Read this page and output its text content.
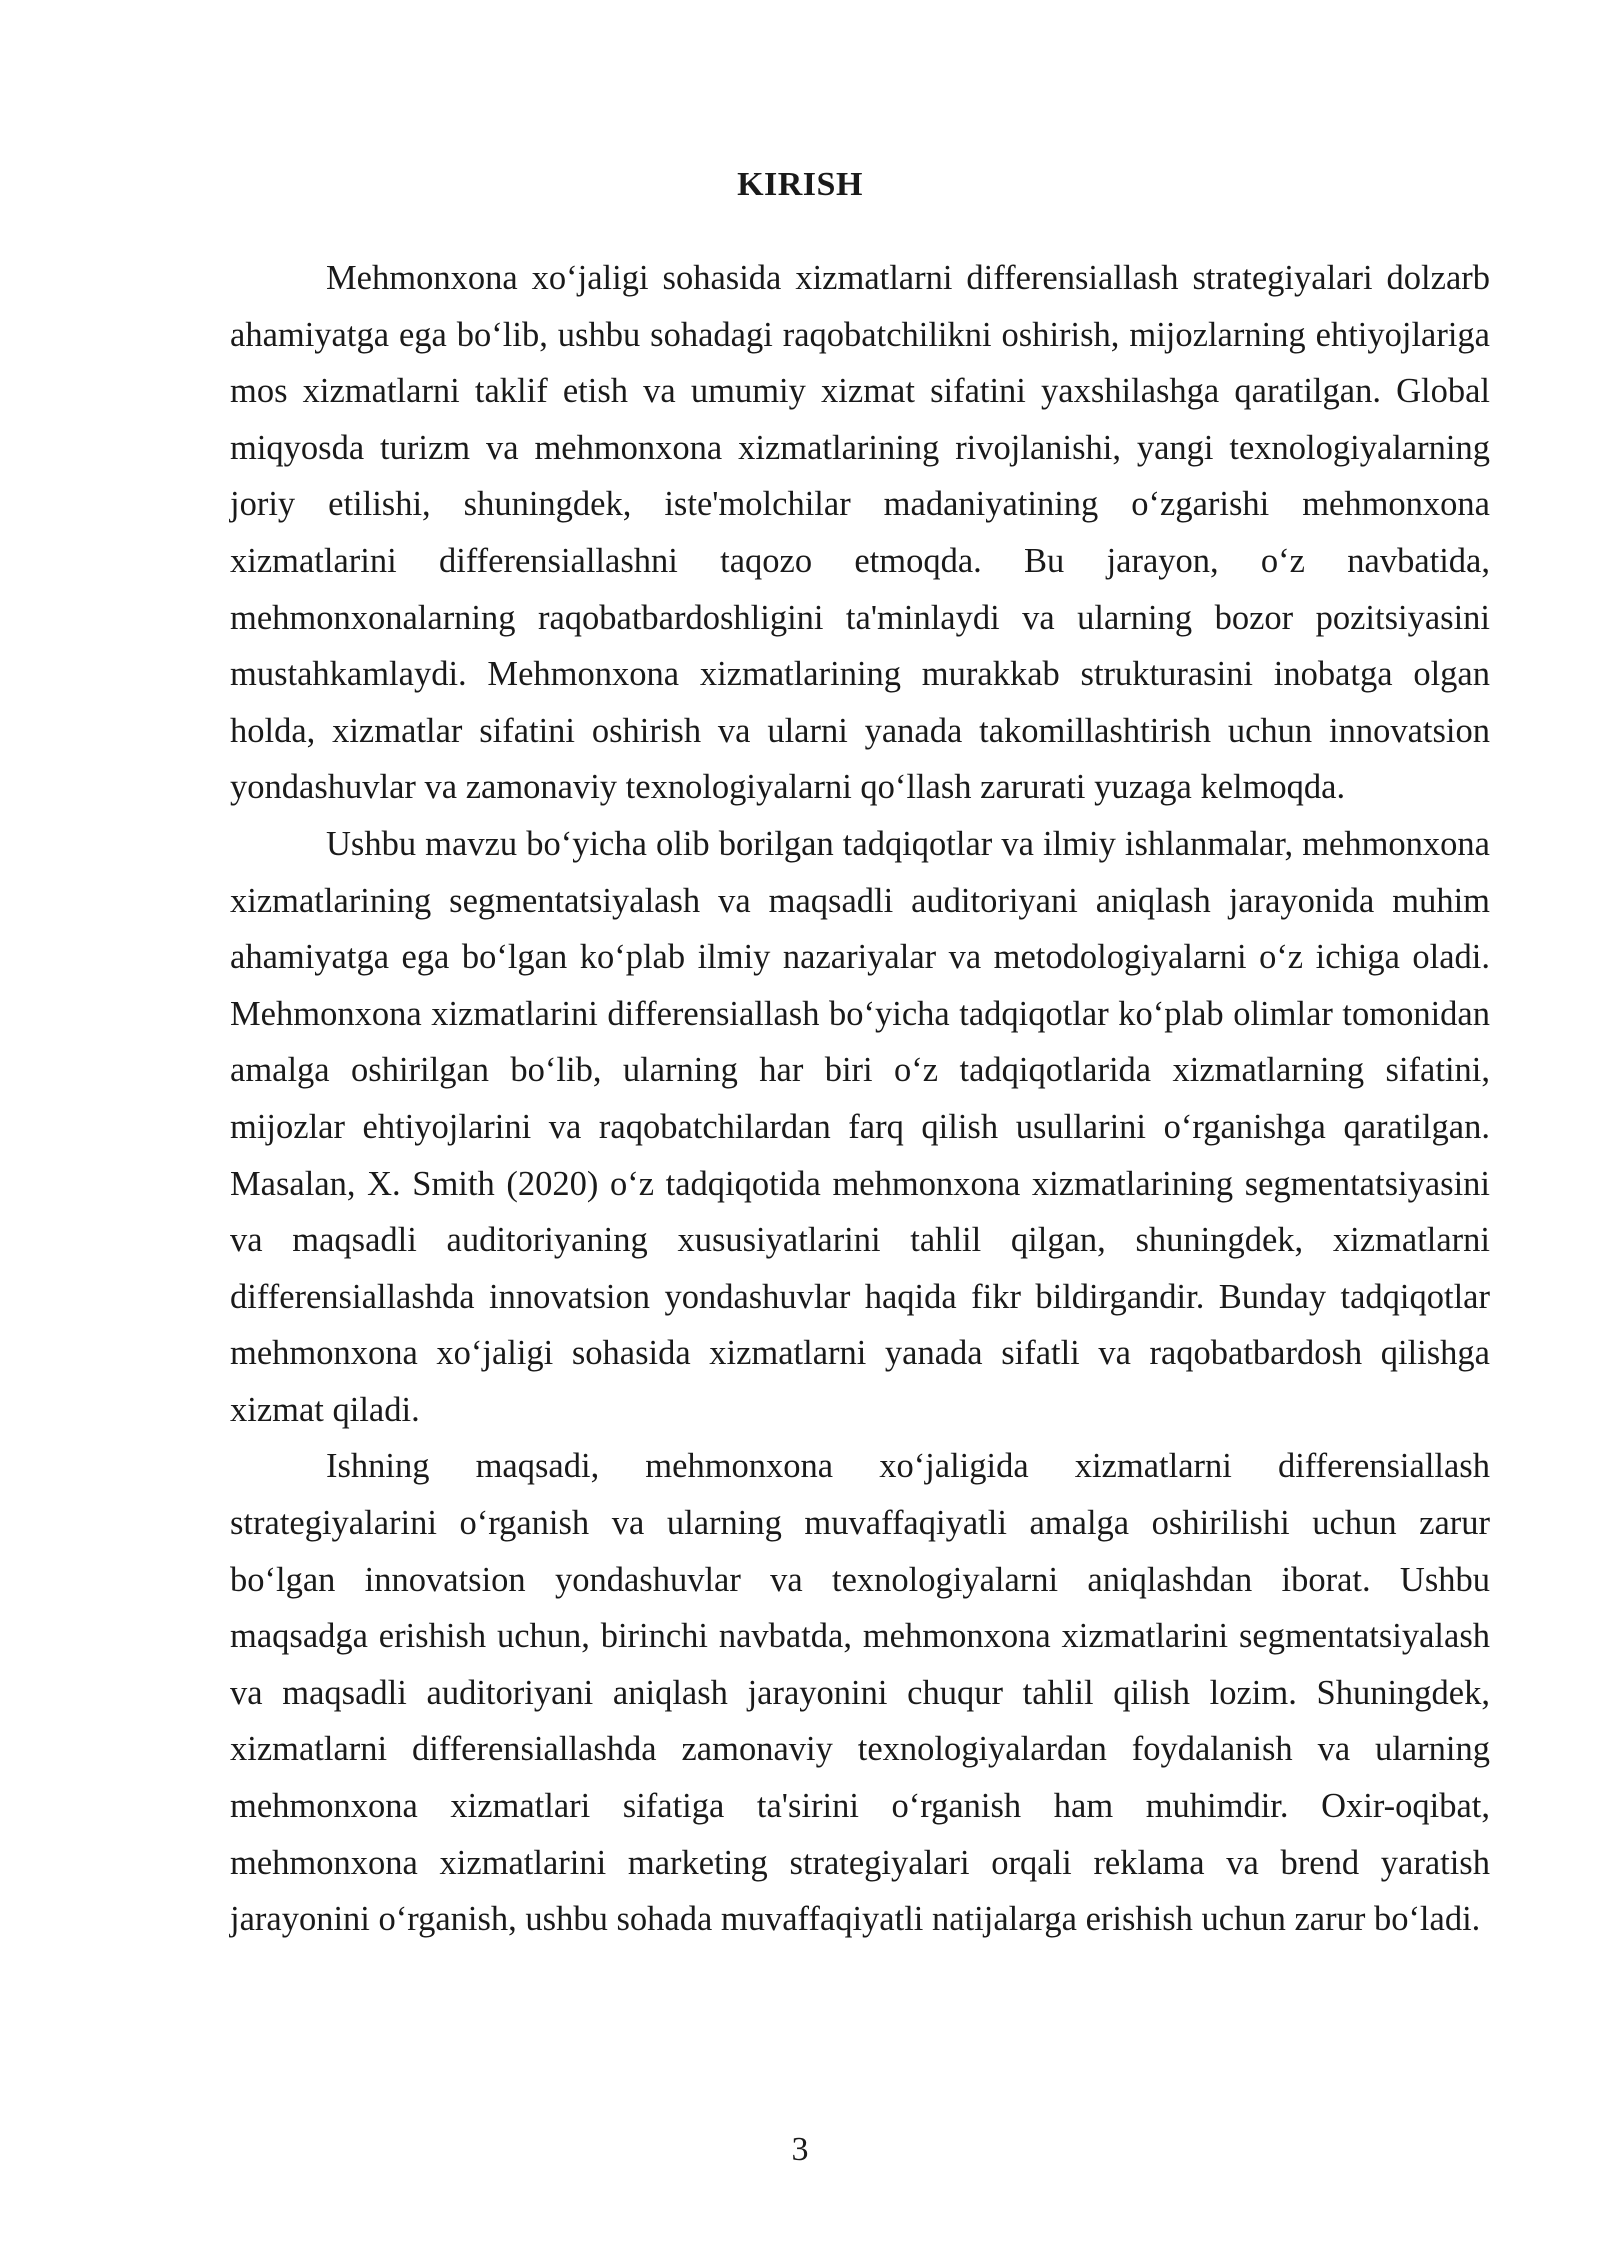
KIRISH

Mehmonxona xo‘jaligi sohasida xizmatlarni differensiallash strategiyalari dolzarb ahamiyatga ega bo‘lib, ushbu sohadagi raqobatchilikni oshirish, mijozlarning ehtiyojlariga mos xizmatlarni taklif etish va umumiy xizmat sifatini yaxshilashga qaratilgan. Global miqyosda turizm va mehmonxona xizmatlarining rivojlanishi, yangi texnologiyalarning joriy etilishi, shuningdek, iste'molchilar madaniyatining o‘zgarishi mehmonxona xizmatlarini differensiallashni taqozo etmoqda. Bu jarayon, o‘z navbatida, mehmonxonalarning raqobatbardoshligini ta'minlaydi va ularning bozor pozitsiyasini mustahkamlaydi. Mehmonxona xizmatlarining murakkab strukturasini inobatga olgan holda, xizmatlar sifatini oshirish va ularni yanada takomillashtirish uchun innovatsion yondashuvlar va zamonaviy texnologiyalarni qo‘llash zarurati yuzaga kelmoqda.

Ushbu mavzu bo‘yicha olib borilgan tadqiqotlar va ilmiy ishlanmalar, mehmonxona xizmatlarining segmentatsiyalash va maqsadli auditoriyani aniqlash jarayonida muhim ahamiyatga ega bo‘lgan ko‘plab ilmiy nazariyalar va metodologiyalarni o‘z ichiga oladi. Mehmonxona xizmatlarini differensiallash bo‘yicha tadqiqotlar ko‘plab olimlar tomonidan amalga oshirilgan bo‘lib, ularning har biri o‘z tadqiqotlarida xizmatlarning sifatini, mijozlar ehtiyojlarini va raqobatchilardan farq qilish usullarini o‘rganishga qaratilgan. Masalan, X. Smith (2020) o‘z tadqiqotida mehmonxona xizmatlarining segmentatsiyasini va maqsadli auditoriyaning xususiyatlarini tahlil qilgan, shuningdek, xizmatlarni differensiallashda innovatsion yondashuvlar haqida fikr bildirgandir. Bunday tadqiqotlar mehmonxona xo‘jaligi sohasida xizmatlarni yanada sifatli va raqobatbardosh qilishga xizmat qiladi.

Ishning maqsadi, mehmonxona xo‘jaligida xizmatlarni differensiallash strategiyalarini o‘rganish va ularning muvaffaqiyatli amalga oshirilishi uchun zarur bo‘lgan innovatsion yondashuvlar va texnologiyalarni aniqlashdan iborat. Ushbu maqsadga erishish uchun, birinchi navbatda, mehmonxona xizmatlarini segmentatsiyalash va maqsadli auditoriyani aniqlash jarayonini chuqur tahlil qilish lozim. Shuningdek, xizmatlarni differensiallashda zamonaviy texnologiyalardan foydalanish va ularning mehmonxona xizmatlari sifatiga ta'sirini o‘rganish ham muhimdir. Oxir-oqibat, mehmonxona xizmatlarini marketing strategiyalari orqali reklama va brend yaratish jarayonini o‘rganish, ushbu sohada muvaffaqiyatli natijalarga erishish uchun zarur bo‘ladi.

3
